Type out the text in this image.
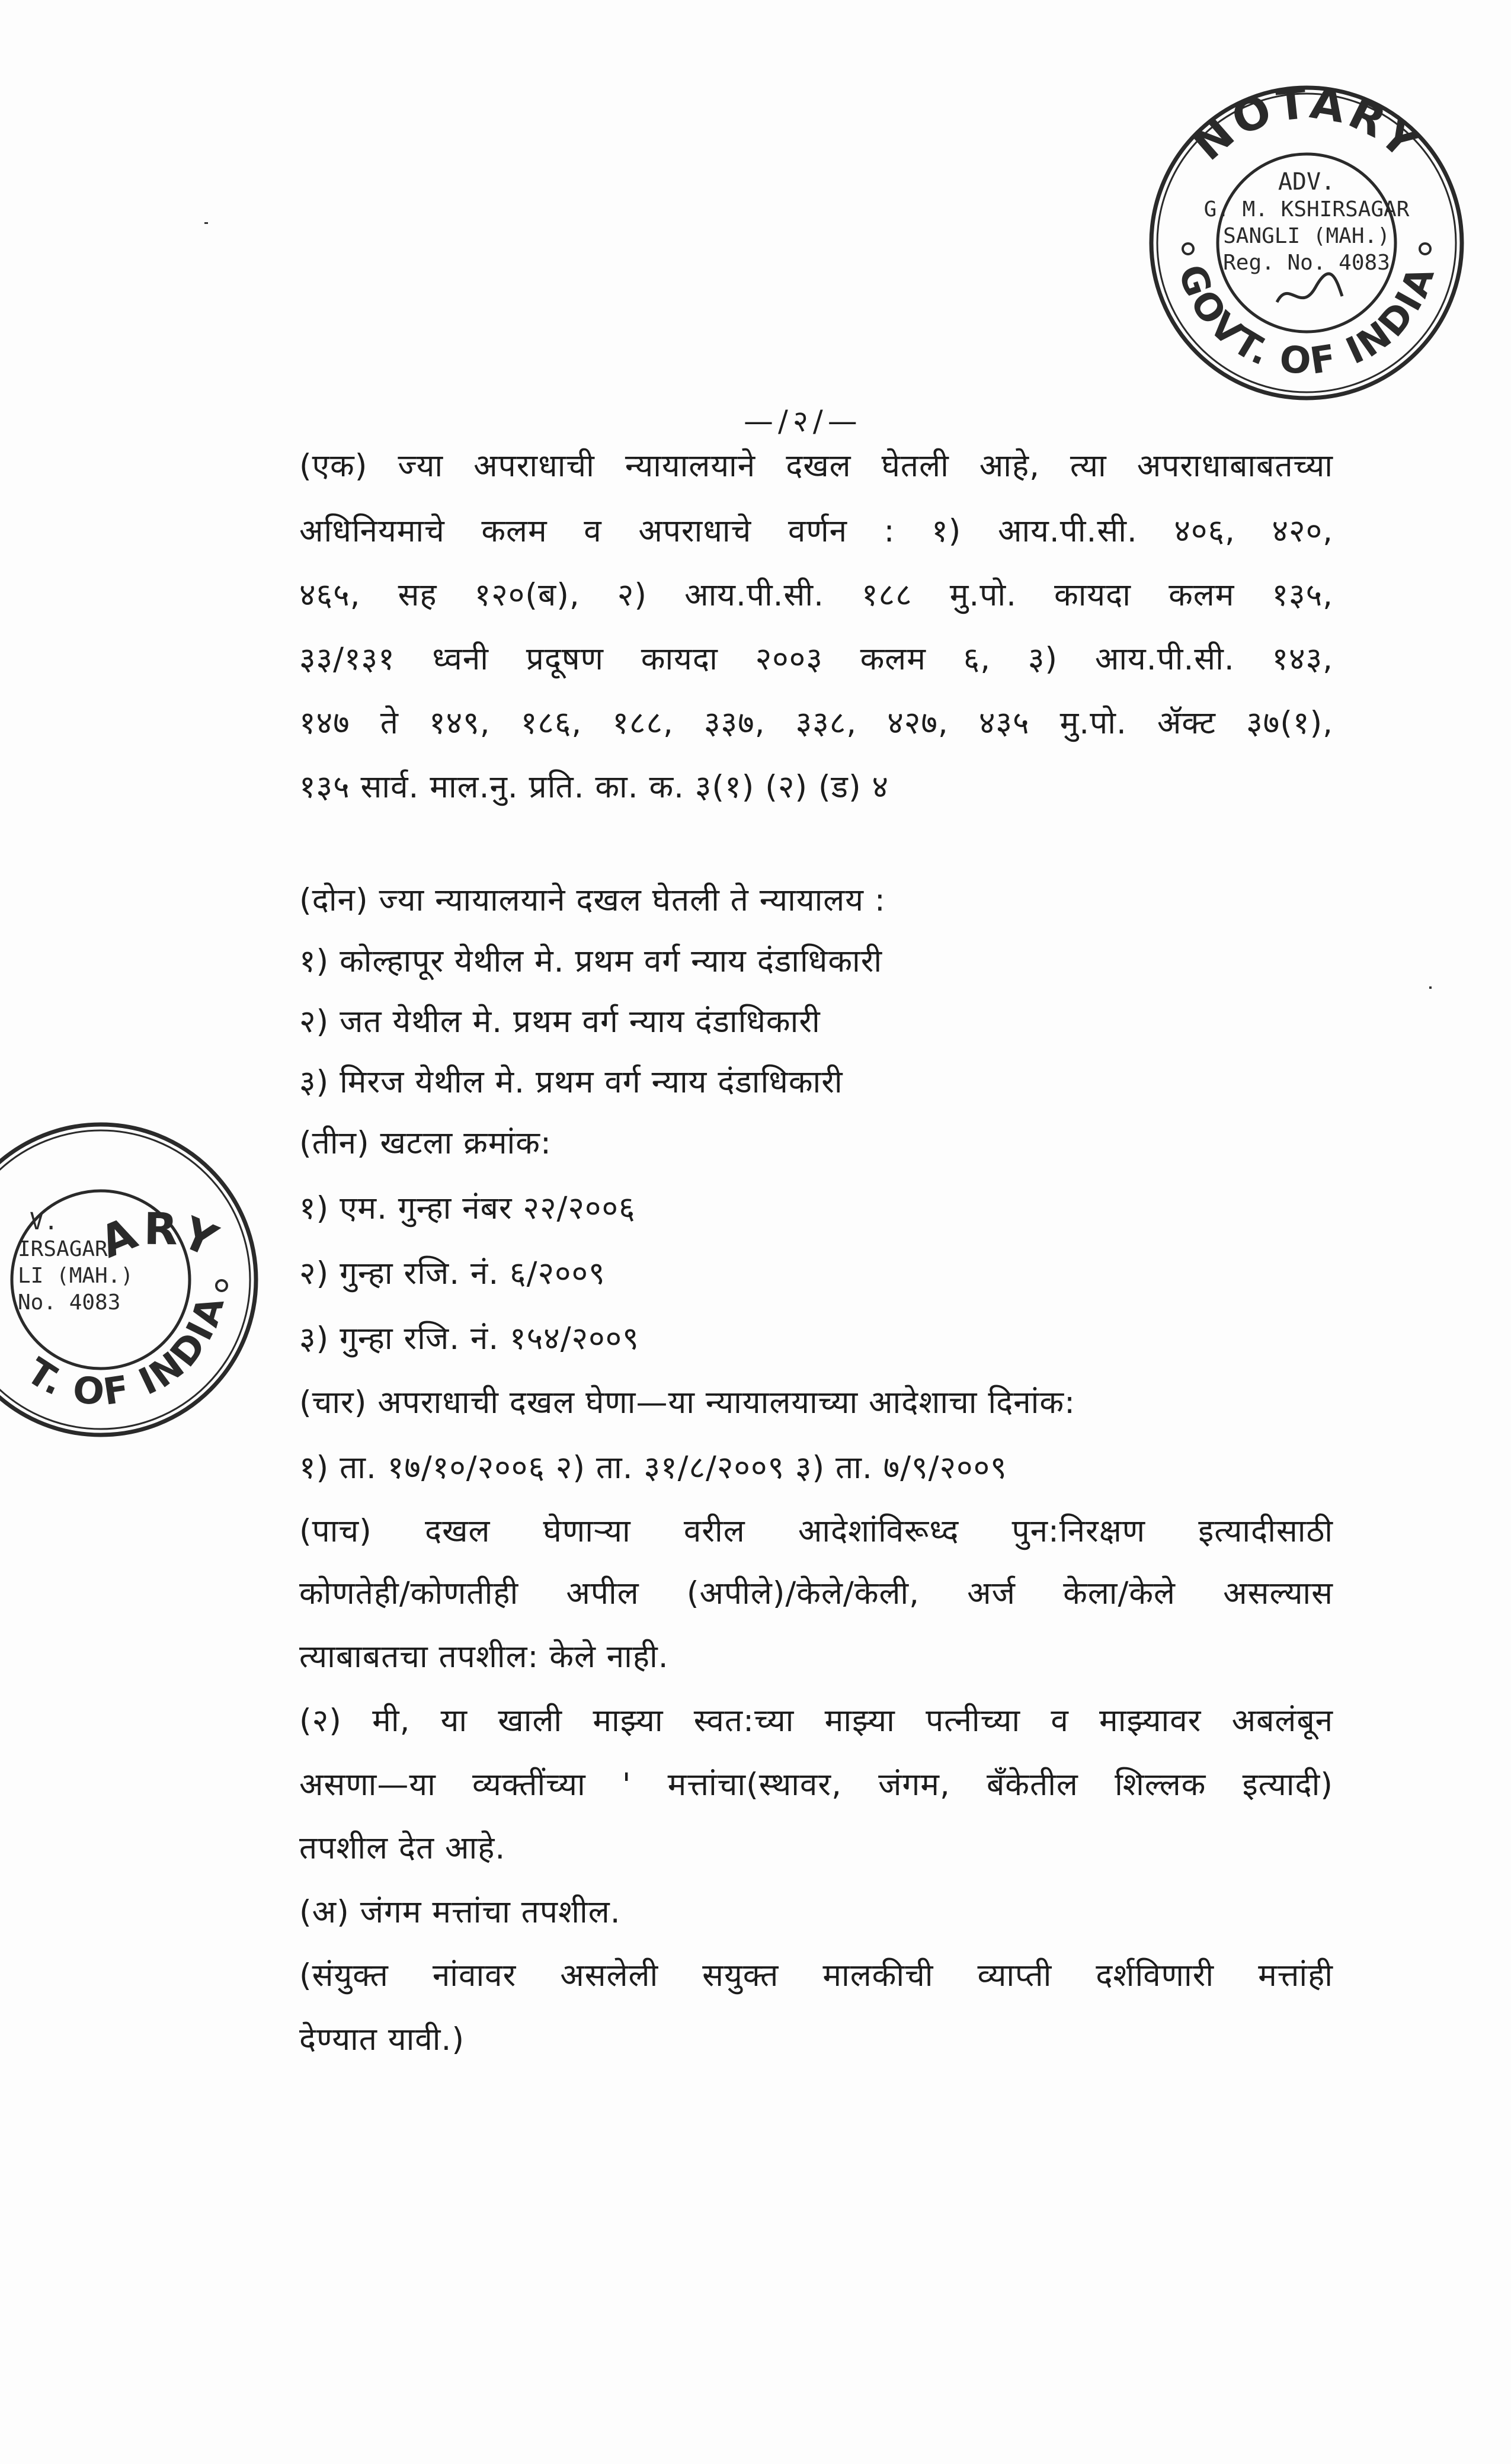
NOTARY
GOVT. OF INDIA
ADV.
G. M. KSHIRSAGAR
SANGLI (MAH.)
Reg. No. 4083
ARY
T. OF INDIA
V.
IRSAGAR
LI (MAH.)
No. 4083
—/२/—
(एक) ज्या अपराधाची न्यायालयाने दखल घेतली आहे, त्या अपराधाबाबतच्या
अधिनियमाचे कलम व अपराधाचे वर्णन : १) आय.पी.सी. ४०६, ४२०,
४६५, सह १२०(ब), २) आय.पी.सी. १८८ मु.पो. कायदा कलम १३५,
३३/१३१ ध्वनी प्रदूषण कायदा २००३ कलम ६, ३) आय.पी.सी. १४३,
१४७ ते १४९, १८६, १८८, ३३७, ३३८, ४२७, ४३५ मु.पो. ॲक्ट ३७(१),
१३५ सार्व. माल.नु. प्रति. का. क. ३(१) (२) (ड) ४
(दोन) ज्या न्यायालयाने दखल घेतली ते न्यायालय :
१) कोल्हापूर येथील मे. प्रथम वर्ग न्याय दंडाधिकारी
२) जत येथील मे. प्रथम वर्ग न्याय दंडाधिकारी
३) मिरज येथील मे. प्रथम वर्ग न्याय दंडाधिकारी
(तीन) खटला क्रमांक:
१) एम. गुन्हा नंबर २२/२००६
२) गुन्हा रजि. नं. ६/२००९
३) गुन्हा रजि. नं. १५४/२००९
(चार) अपराधाची दखल घेणा—या न्यायालयाच्या आदेशाचा दिनांक:
१) ता. १७/१०/२००६ २) ता. ३१/८/२००९ ३) ता. ७/९/२००९
(पाच) दखल घेणाऱ्या वरील आदेशांविरूध्द पुन:निरक्षण इत्यादीसाठी
कोणतेही/कोणतीही अपील (अपीले)/केले/केली, अर्ज केला/केले असल्यास
त्याबाबतचा तपशील: केले नाही.
(२) मी, या खाली माझ्या स्वत:च्या माझ्या पत्नीच्या व माझ्यावर अबलंबून
असणा—या व्यक्तींच्या ' मत्तांचा(स्थावर, जंगम, बॅंकेतील शिल्लक इत्यादी)
तपशील देत आहे.
(अ) जंगम मत्तांचा तपशील.
(संयुक्त नांवावर असलेली सयुक्त मालकीची व्याप्ती दर्शविणारी मत्तांही
देण्यात यावी.)
